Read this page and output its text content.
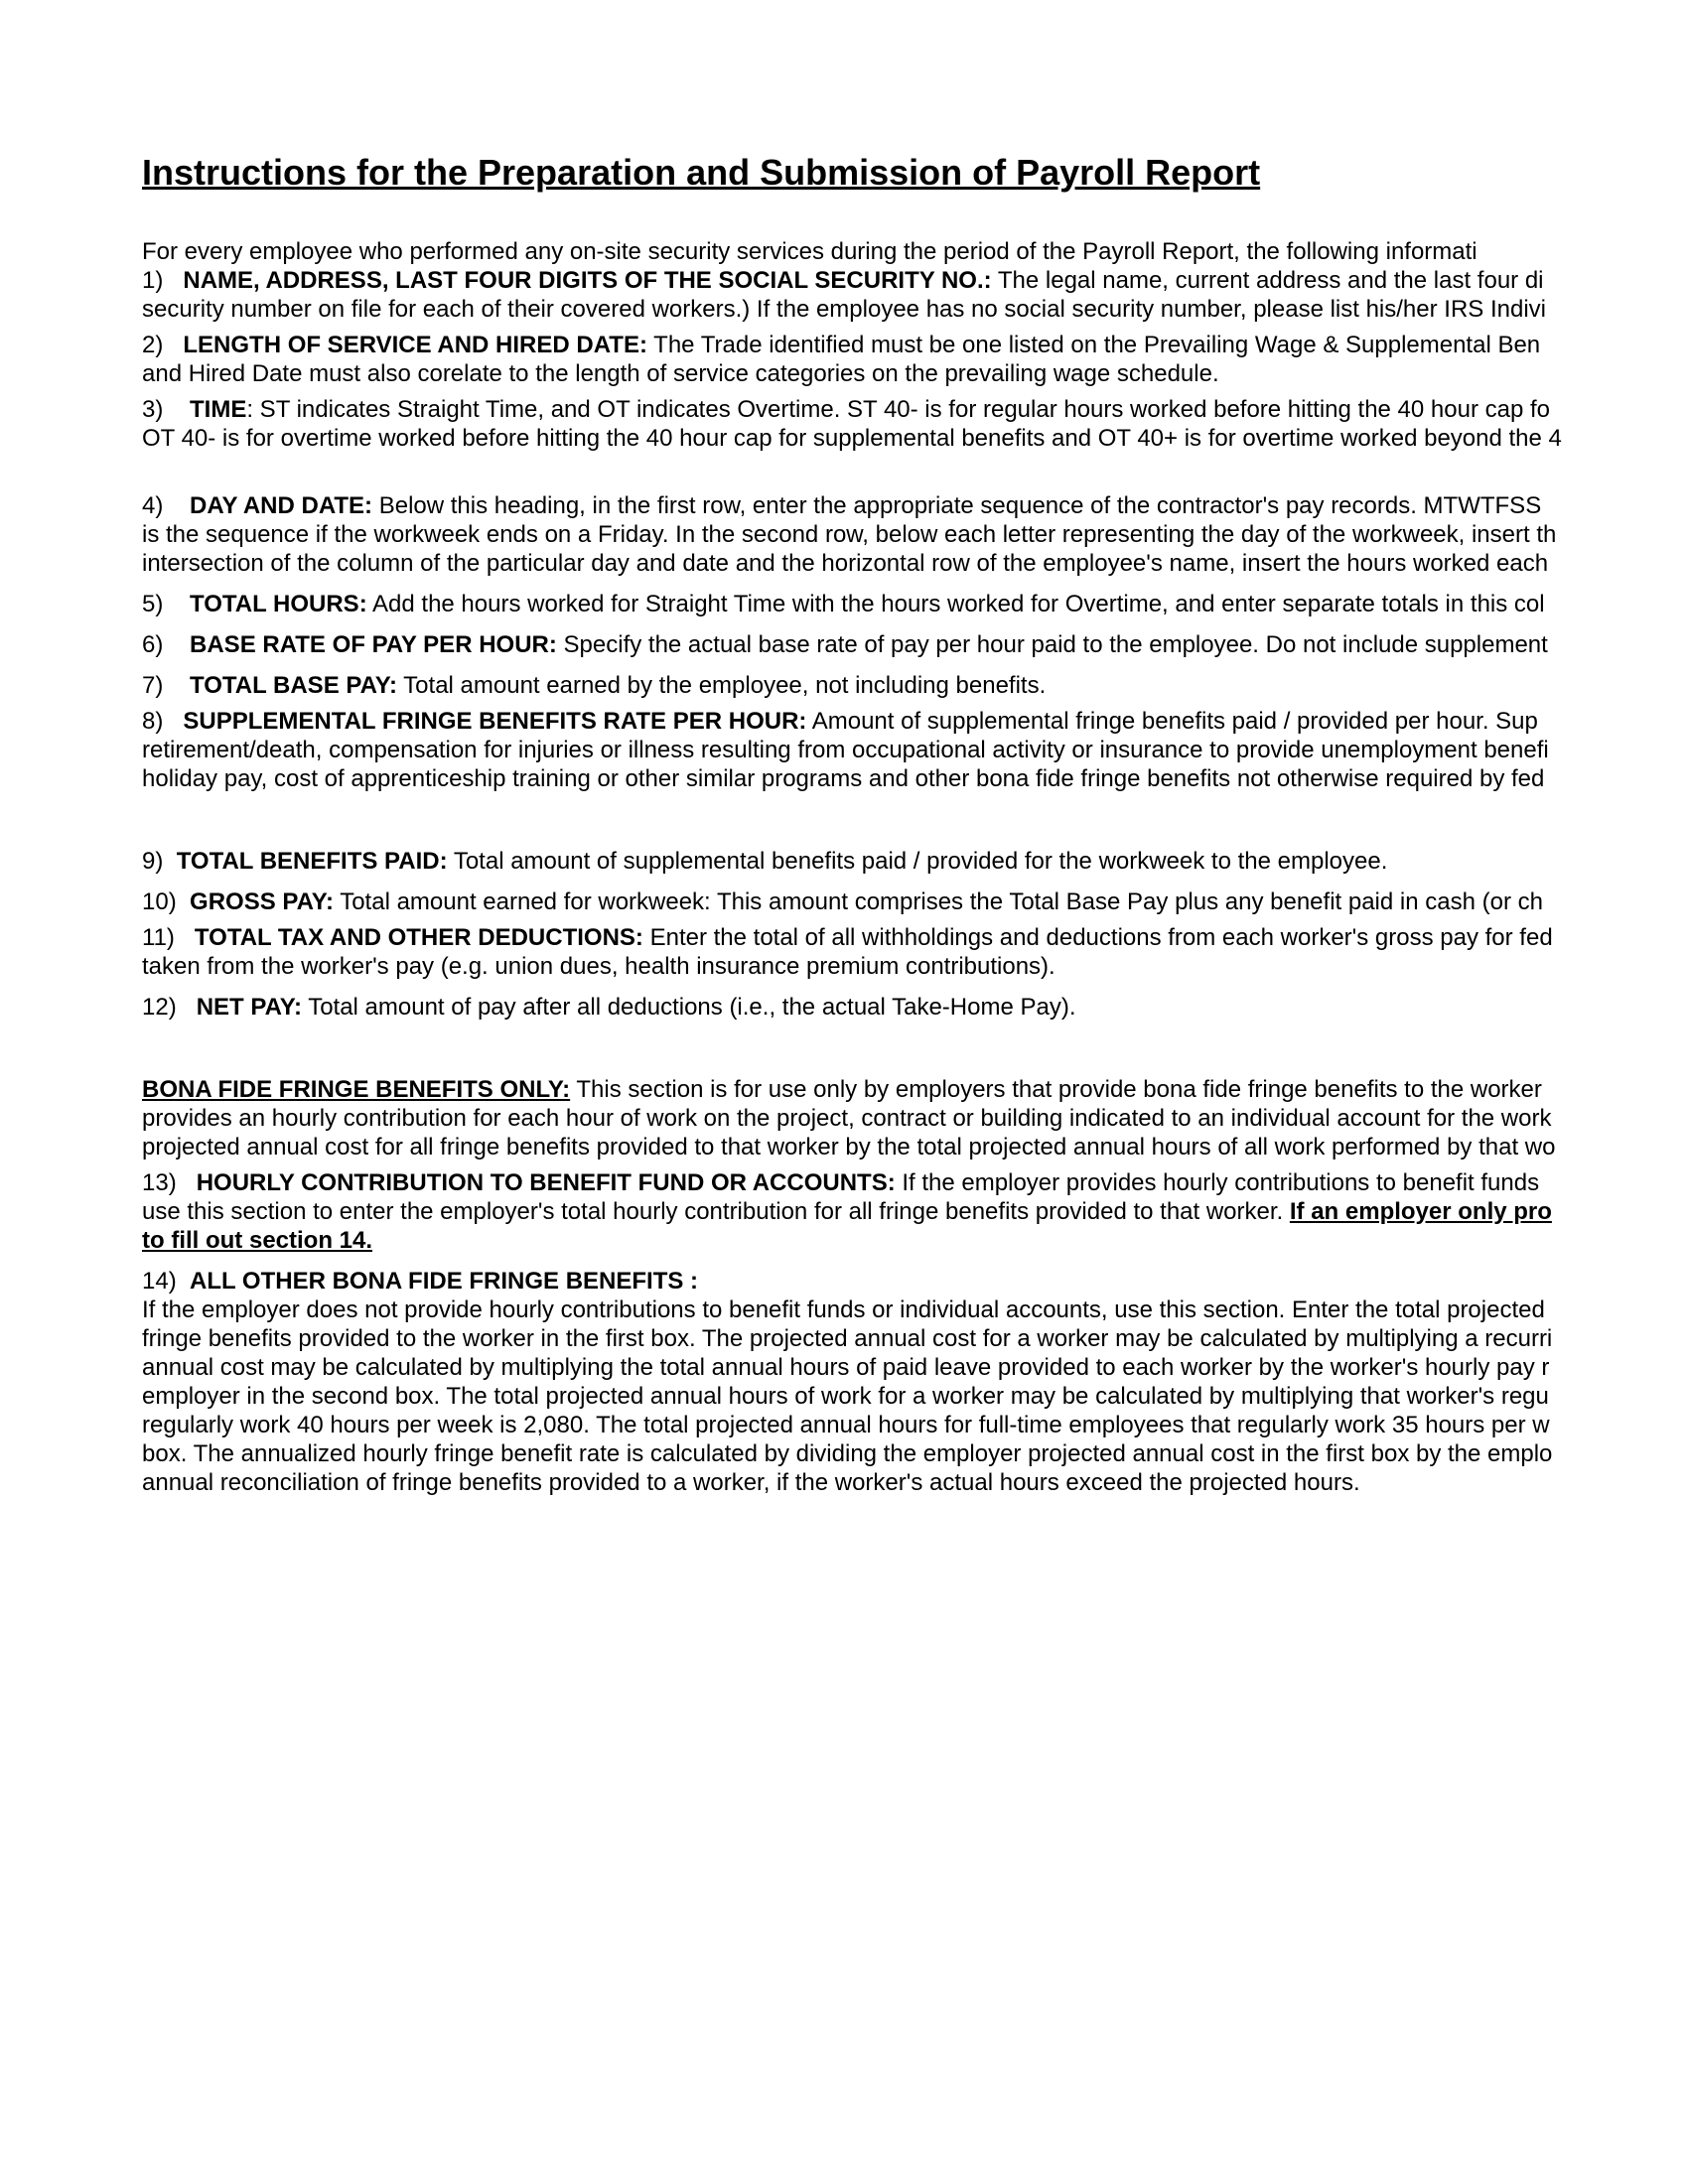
Instructions for the Preparation and Submission of Payroll Report

For every employee who performed any on-site security services during the period of the Payroll Report, the following informati

1) NAME, ADDRESS, LAST FOUR DIGITS OF THE SOCIAL SECURITY NO.: The legal name, current address and the last four di
security number on file for each of their covered workers.) If the employee has no social security number, please list his/her IRS Indivi

2) LENGTH OF SERVICE AND HIRED DATE: The Trade identified must be one listed on the Prevailing Wage & Supplemental Ben
and Hired Date must also corelate to the length of service categories on the prevailing wage schedule.

3) TIME: ST indicates Straight Time, and OT indicates Overtime. ST 40- is for regular hours worked before hitting the 40 hour cap fo
OT 40- is for overtime worked before hitting the 40 hour cap for supplemental benefits and OT 40+ is for overtime worked beyond the 4

4) DAY AND DATE: Below this heading, in the first row, enter the appropriate sequence of the contractor's pay records. MTWTFSS
is the sequence if the workweek ends on a Friday. In the second row, below each letter representing the day of the workweek, insert th
intersection of the column of the particular day and date and the horizontal row of the employee's name, insert the hours worked each

5) TOTAL HOURS: Add the hours worked for Straight Time with the hours worked for Overtime, and enter separate totals in this col

6) BASE RATE OF PAY PER HOUR: Specify the actual base rate of pay per hour paid to the employee. Do not include supplement

7) TOTAL BASE PAY: Total amount earned by the employee, not including benefits.

8) SUPPLEMENTAL FRINGE BENEFITS RATE PER HOUR: Amount of supplemental fringe benefits paid / provided per hour. Sup
retirement/death, compensation for injuries or illness resulting from occupational activity or insurance to provide unemployment benefi
holiday pay, cost of apprenticeship training or other similar programs and other bona fide fringe benefits not otherwise required by fed

9) TOTAL BENEFITS PAID: Total amount of supplemental benefits paid / provided for the workweek to the employee.

10) GROSS PAY: Total amount earned for workweek: This amount comprises the Total Base Pay plus any benefit paid in cash (or ch

11) TOTAL TAX AND OTHER DEDUCTIONS: Enter the total of all withholdings and deductions from each worker's gross pay for fed
taken from the worker's pay (e.g. union dues, health insurance premium contributions).

12) NET PAY: Total amount of pay after all deductions (i.e., the actual Take-Home Pay).

BONA FIDE FRINGE BENEFITS ONLY: This section is for use only by employers that provide bona fide fringe benefits to the worker
provides an hourly contribution for each hour of work on the project, contract or building indicated to an individual account for the work
projected annual cost for all fringe benefits provided to that worker by the total projected annual hours of all work performed by that wo

13) HOURLY CONTRIBUTION TO BENEFIT FUND OR ACCOUNTS: If the employer provides hourly contributions to benefit funds
use this section to enter the employer's total hourly contribution for all fringe benefits provided to that worker. If an employer only pro
to fill out section 14.

14) ALL OTHER BONA FIDE FRINGE BENEFITS :
If the employer does not provide hourly contributions to benefit funds or individual accounts, use this section. Enter the total projected
fringe benefits provided to the worker in the first box. The projected annual cost for a worker may be calculated by multiplying a recurri
annual cost may be calculated by multiplying the total annual hours of paid leave provided to each worker by the worker's hourly pay r
employer in the second box. The total projected annual hours of work for a worker may be calculated by multiplying that worker's regu
regularly work 40 hours per week is 2,080. The total projected annual hours for full-time employees that regularly work 35 hours per w
box. The annualized hourly fringe benefit rate is calculated by dividing the employer projected annual cost in the first box by the emplo
annual reconciliation of fringe benefits provided to a worker, if the worker's actual hours exceed the projected hours.
